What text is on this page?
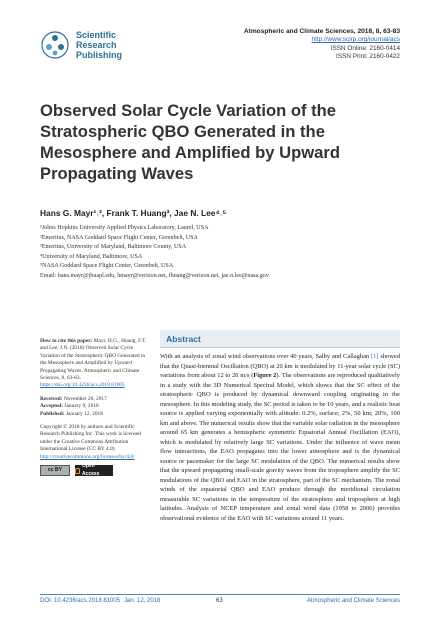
Scientific
Research
Publishing
Atmospheric and Climate Sciences, 2018, 8, 63-83
http://www.scirp.org/journal/acs
ISSN Online: 2160-0414
ISSN Print: 2160-0422
Observed Solar Cycle Variation of the
Stratospheric QBO Generated in the
Mesosphere and Amplified by Upward
Propagating Waves
Hans G. Mayr¹˒², Frank T. Huang³, Jae N. Lee⁴˒⁵
¹Johns Hopkins University Applied Physics Laboratory, Laurel, USA
²Emeritus, NASA Goddard Space Flight Center, Greenbelt, USA
³Emeritus, University of Maryland, Baltimore County, USA
⁴University of Maryland, Baltimore, USA
⁵NASA Goddard Space Flight Center, Greenbelt, USA
Email: hans.mayr@jhuapl.edu, hmayr@verizon.net, fhuang@verizon.net, jae.n.lee@nasa.gov
How to cite this paper: Mayr, H.G., Huang, F.T. and Lee, J.N. (2018) Observed Solar Cycle Variation of the Stratospheric QBO Generated in the Mesosphere and Amplified by Upward Propagating Waves. Atmospheric and Climate Sciences, 8, 63-83.
https://doi.org/10.4236/acs.2018.81005
Received: November 26, 2017
Accepted: January 9, 2018
Published: January 12, 2018
Copyright © 2018 by authors and Scientific Research Publishing Inc. This work is licensed under the Creative Commons Attribution International License (CC BY 4.0).
http://creativecommons.org/licenses/by/4.0/
cc BY
Open Access
Abstract
With an analysis of zonal wind observations over 40 years, Salby and Callaghan [1] showed that the Quasi-biennial Oscillation (QBO) at 20 km is modulated by 11-year solar cycle (SC) variations from about 12 to 20 m/s (Figure 2). The observations are reproduced qualitatively in a study with the 3D Numerical Spectral Model, which shows that the SC effect of the stratospheric QBO is produced by dynamical downward coupling originating in the mesosphere. In this modeling study, the SC period is taken to be 10 years, and a realistic heat source is applied varying exponentially with altitude: 0.2%, surface; 2%, 50 km; 20%, 100 km and above. The numerical results show that the variable solar radiation in the mesosphere around 65 km generates a hemispheric symmetric Equatorial Annual Oscillation (EAO), which is modulated by relatively large SC variations. Under the influence of wave mean flow interactions, the EAO propagates into the lower atmosphere and is the dynamical source or pacemaker for the large SC modulation of the QBO. The numerical results show that the upward propagating small-scale gravity waves from the troposphere amplify the SC modulations of the QBO and EAO in the stratosphere, part of the SC mechanism. The zonal winds of the equatorial QBO and EAO produce through the meridional circulation measurable SC variations in the temperature of the stratosphere and troposphere at high latitudes. Analysis of NCEP temperature and zonal wind data (1958 to 2006) provides observational evidence of the EAO with SC variations around 11 years.
DOI: 10.4236/acs.2018.81005 Jan. 12, 2018	63	Atmospheric and Climate Sciences
